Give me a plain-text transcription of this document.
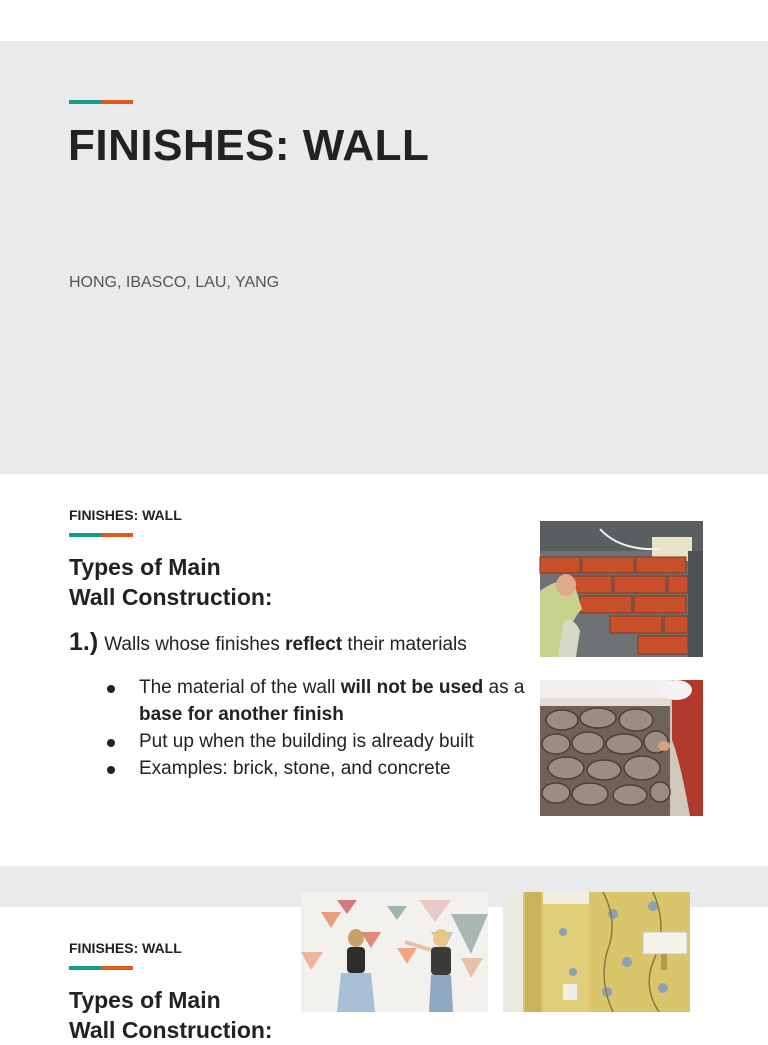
FINISHES: WALL
HONG, IBASCO, LAU, YANG
FINISHES: WALL
Types of Main
Wall Construction:
1.) Walls whose finishes reflect their materials
The material of the wall will not be used as a base for another finish
Put up when the building is already built
Examples: brick, stone, and concrete
FINISHES: WALL
Types of Main
Wall Construction:
